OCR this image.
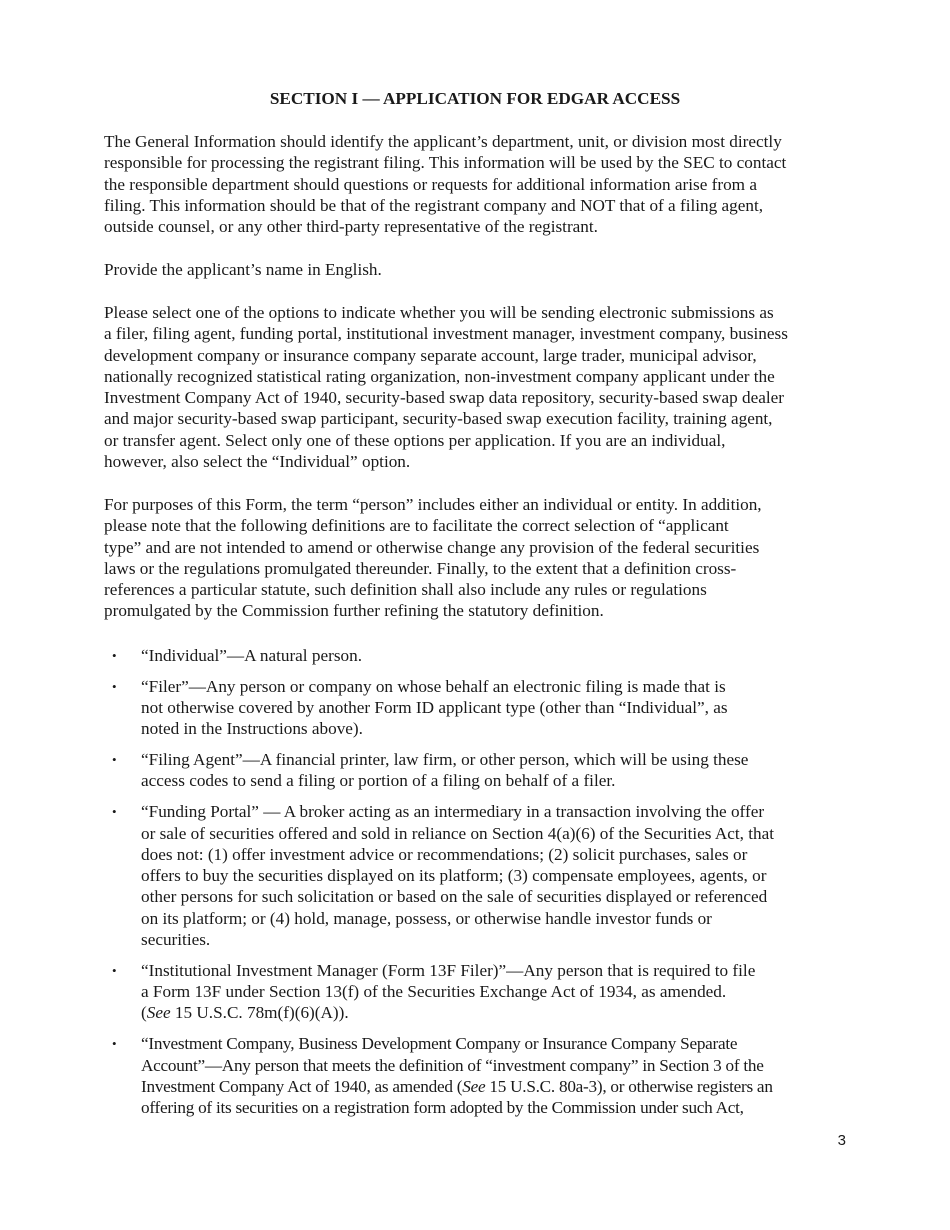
SECTION I — APPLICATION FOR EDGAR ACCESS

The General Information should identify the applicant’s department, unit, or division most directly
responsible for processing the registrant filing. This information will be used by the SEC to contact
the responsible department should questions or requests for additional information arise from a
filing. This information should be that of the registrant company and NOT that of a filing agent,
outside counsel, or any other third-party representative of the registrant.

Provide the applicant’s name in English.

Please select one of the options to indicate whether you will be sending electronic submissions as
a filer, filing agent, funding portal, institutional investment manager, investment company, business
development company or insurance company separate account, large trader, municipal advisor,
nationally recognized statistical rating organization, non-investment company applicant under the
Investment Company Act of 1940, security-based swap data repository, security-based swap dealer
and major security-based swap participant, security-based swap execution facility, training agent,
or transfer agent. Select only one of these options per application. If you are an individual,
however, also select the “Individual” option.

For purposes of this Form, the term “person” includes either an individual or entity. In addition,
please note that the following definitions are to facilitate the correct selection of “applicant
type” and are not intended to amend or otherwise change any provision of the federal securities
laws or the regulations promulgated thereunder. Finally, to the extent that a definition cross-
references a particular statute, such definition shall also include any rules or regulations
promulgated by the Commission further refining the statutory definition.

• “Individual”—A natural person.
• “Filer”—Any person or company on whose behalf an electronic filing is made that is
not otherwise covered by another Form ID applicant type (other than “Individual”, as
noted in the Instructions above).
• “Filing Agent”—A financial printer, law firm, or other person, which will be using these
access codes to send a filing or portion of a filing on behalf of a filer.
• “Funding Portal” — A broker acting as an intermediary in a transaction involving the offer
or sale of securities offered and sold in reliance on Section 4(a)(6) of the Securities Act, that
does not: (1) offer investment advice or recommendations; (2) solicit purchases, sales or
offers to buy the securities displayed on its platform; (3) compensate employees, agents, or
other persons for such solicitation or based on the sale of securities displayed or referenced
on its platform; or (4) hold, manage, possess, or otherwise handle investor funds or
securities.
• “Institutional Investment Manager (Form 13F Filer)”—Any person that is required to file
a Form 13F under Section 13(f) of the Securities Exchange Act of 1934, as amended.
(See 15 U.S.C. 78m(f)(6)(A)).
• “Investment Company, Business Development Company or Insurance Company Separate
Account”—Any person that meets the definition of “investment company” in Section 3 of the
Investment Company Act of 1940, as amended (See 15 U.S.C. 80a-3), or otherwise registers an
offering of its securities on a registration form adopted by the Commission under such Act,
3
